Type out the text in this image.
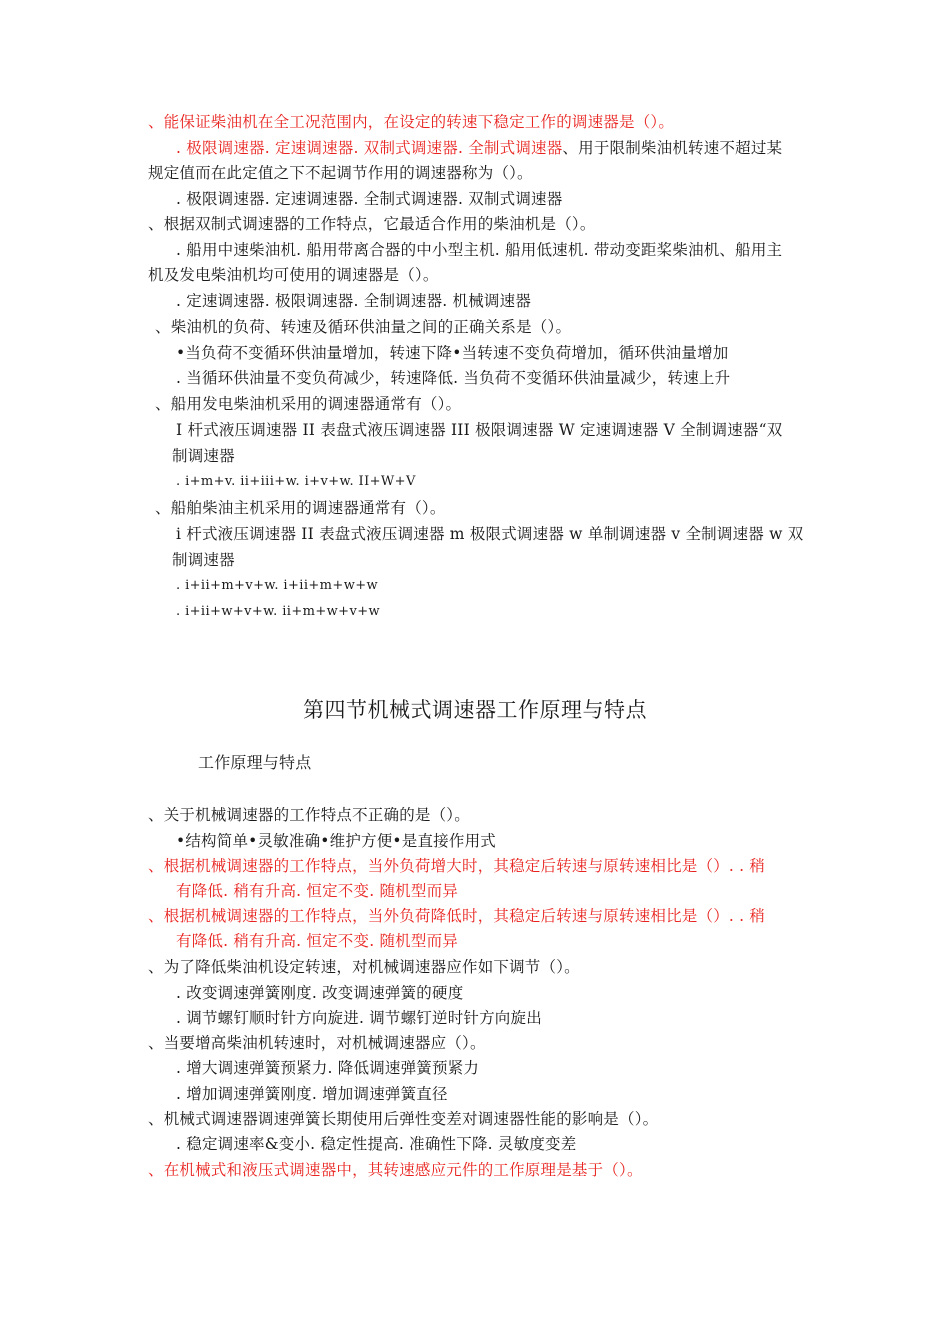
、能保证柴油机在全工况范围内，在设定的转速下稳定工作的调速器是（）。
. 极限调速器. 定速调速器. 双制式调速器. 全制式调速器、用于限制柴油机转速不超过某
规定值而在此定值之下不起调节作用的调速器称为（）。
. 极限调速器. 定速调速器. 全制式调速器. 双制式调速器
、根据双制式调速器的工作特点，它最适合作用的柴油机是（）。
. 船用中速柴油机. 船用带离合器的中小型主机. 船用低速机. 带动变距桨柴油机、船用主
机及发电柴油机均可使用的调速器是（）。
. 定速调速器. 极限调速器. 全制调速器. 机械调速器
、柴油机的负荷、转速及循环供油量之间的正确关系是（）。
•当负荷不变循环供油量增加，转速下降•当转速不变负荷增加，循环供油量增加
. 当循环供油量不变负荷减少，转速降低. 当负荷不变循环供油量减少，转速上升
、船用发电柴油机采用的调速器通常有（）。
I 杆式液压调速器 II 表盘式液压调速器 III 极限调速器 W 定速调速器 V 全制调速器“双
制调速器
. i+m+v. ii+iii+w. i+v+w. II+W+V
、船舶柴油主机采用的调速器通常有（）。
i 杆式液压调速器 II 表盘式液压调速器 m 极限式调速器 w 单制调速器 v 全制调速器 w 双
制调速器
. i+ii+m+v+w. i+ii+m+w+w
. i+ii+w+v+w. ii+m+w+v+w
第四节机械式调速器工作原理与特点
工作原理与特点
、关于机械调速器的工作特点不正确的是（）。
•结构简单•灵敏准确•维护方便•是直接作用式
、根据机械调速器的工作特点，当外负荷增大时，其稳定后转速与原转速相比是（）. . 稍
有降低. 稍有升高. 恒定不变. 随机型而异
、根据机械调速器的工作特点，当外负荷降低时，其稳定后转速与原转速相比是（）. . 稍
有降低. 稍有升高. 恒定不变. 随机型而异
、为了降低柴油机设定转速，对机械调速器应作如下调节（）。
. 改变调速弹簧刚度. 改变调速弹簧的硬度
. 调节螺钉顺时针方向旋进. 调节螺钉逆时针方向旋出
、当要增高柴油机转速时，对机械调速器应（）。
. 增大调速弹簧预紧力. 降低调速弹簧预紧力
. 增加调速弹簧刚度. 增加调速弹簧直径
、机械式调速器调速弹簧长期使用后弹性变差对调速器性能的影响是（）。
. 稳定调速率&变小. 稳定性提高. 准确性下降. 灵敏度变差
、在机械式和液压式调速器中，其转速感应元件的工作原理是基于（）。
